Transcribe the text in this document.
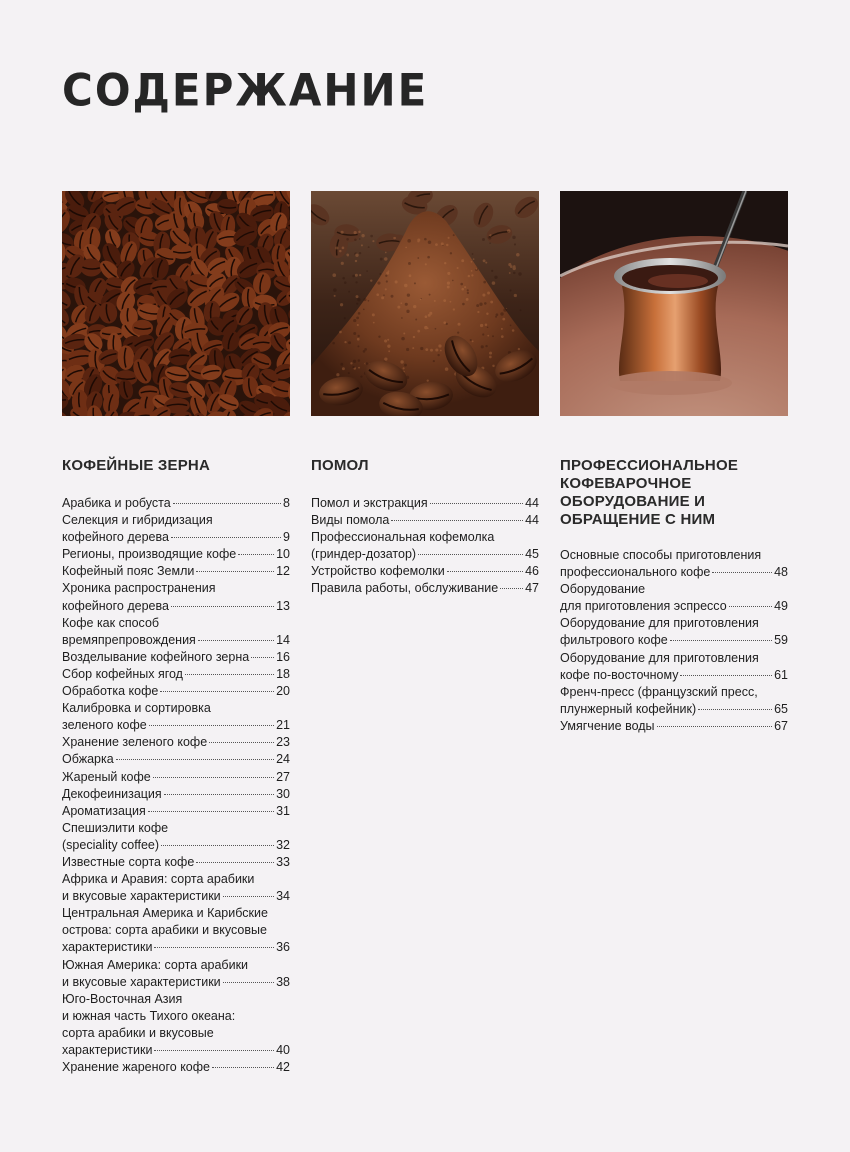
СОДЕРЖАНИЕ
КОФЕЙНЫЕ ЗЕРНА
Арабика и робуста	8
Селекция и гибридизация
кофейного дерева	9
Регионы, производящие кофе	10
Кофейный пояс Земли	12
Хроника распространения
кофейного дерева	13
Кофе как способ
времяпрепровождения	14
Возделывание кофейного зерна 16
Сбор кофейных ягод	18
Обработка кофе	20
Калибровка и сортировка
зеленого кофе	21
Хранение зеленого кофе	23
Обжарка	24
Жареный кофе	27
Декофеинизация	30
Ароматизация	31
Спешиэлити кофе
(speciality coffee)	32
Известные сорта кофе	33
Африка и Аравия: сорта арабики
и вкусовые характеристики	34
Центральная Америка и Карибские
острова: сорта арабики и вкусовые
характеристики	36
Южная Америка: сорта арабики
и вкусовые характеристики	38
Юго-Восточная Азия
и южная часть Тихого океана:
сорта арабики и вкусовые
характеристики	40
Хранение жареного кофе	42
ПОМОЛ
Помол и экстракция	44
Виды помола	44
Профессиональная кофемолка
(гриндер-дозатор)	45
Устройство кофемолки	46
Правила работы, обслуживание 47
ПРОФЕССИОНАЛЬНОЕ КОФЕВАРОЧНОЕ ОБОРУДОВАНИЕ И ОБРАЩЕНИЕ С НИМ
Основные способы приготовления
профессионального кофе	48
Оборудование
для приготовления эспрессо	49
Оборудование для приготовления
фильтрового кофе	59
Оборудование для приготовления
кофе по-восточному	61
Френч-пресс (французский пресс,
плунжерный кофейник)	65
Умягчение воды	67
